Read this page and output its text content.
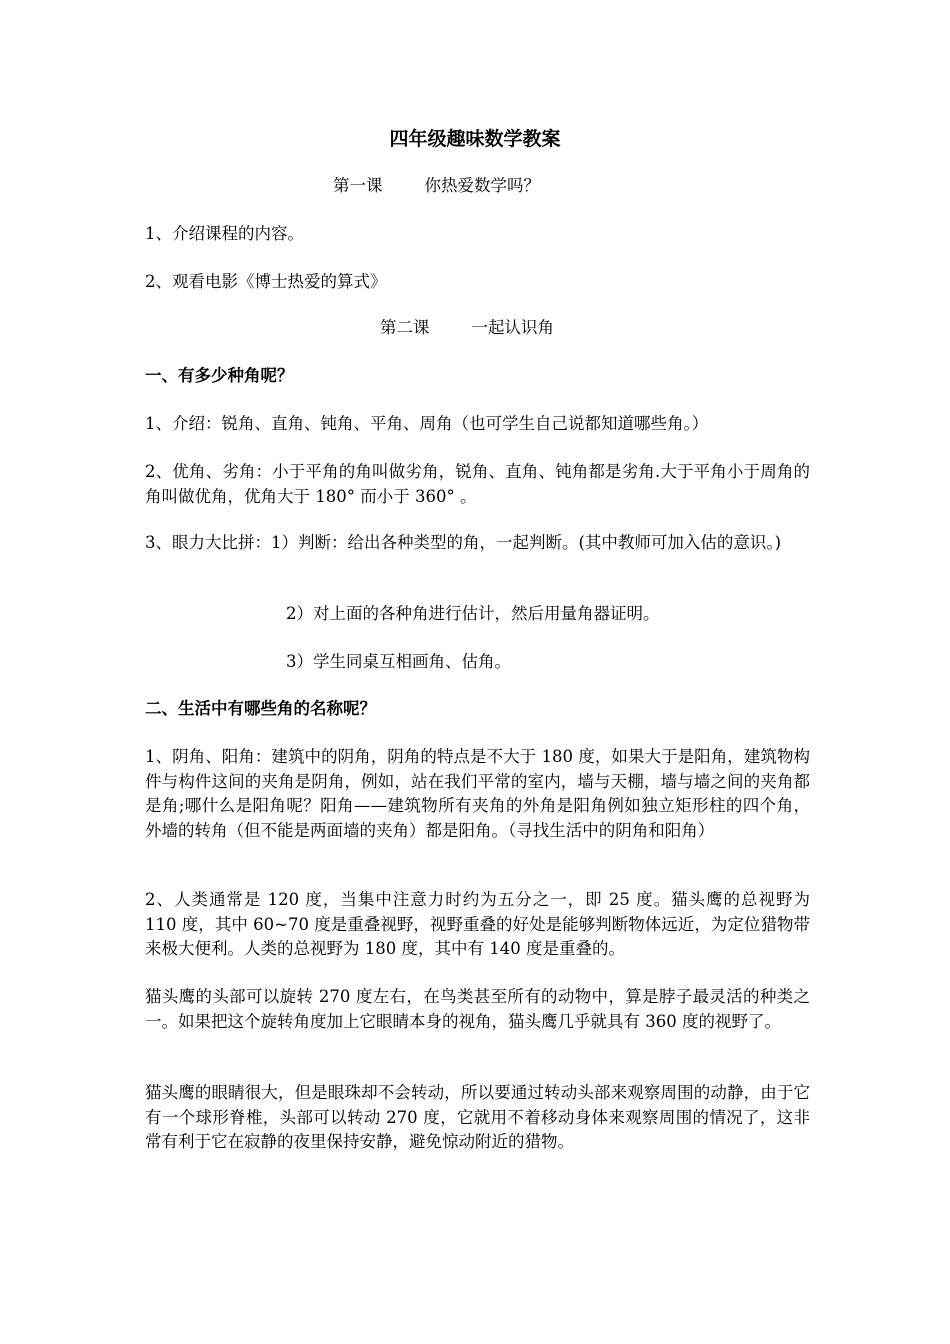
四年级趣味数学教案
第一课        你热爱数学吗？
1、介绍课程的内容。
2、观看电影《博士热爱的算式》
第二课        一起认识角
一、有多少种角呢？
1、介绍：锐角、直角、钝角、平角、周角（也可学生自己说都知道哪些角。）
2、优角、劣角：小于平角的角叫做劣角，锐角、直角、钝角都是劣角.大于平角小于周角的角叫做优角，优角大于 180° 而小于 360° 。
3、眼力大比拼：1）判断：给出各种类型的角，一起判断。(其中教师可加入估的意识。)
2）对上面的各种角进行估计，然后用量角器证明。
3）学生同桌互相画角、估角。
二、生活中有哪些角的名称呢？
1、阴角、阳角：建筑中的阴角，阴角的特点是不大于 180 度，如果大于是阳角，建筑物构件与构件这间的夹角是阴角，例如，站在我们平常的室内，墙与天棚，墙与墙之间的夹角都是角;哪什么是阳角呢？阳角——建筑物所有夹角的外角是阳角例如独立矩形柱的四个角，外墙的转角（但不能是两面墙的夹角）都是阳角。（寻找生活中的阴角和阳角）
2、人类通常是 120 度，当集中注意力时约为五分之一，即 25 度。猫头鹰的总视野为 110 度，其中 60~70 度是重叠视野，视野重叠的好处是能够判断物体远近，为定位猎物带来极大便利。人类的总视野为 180 度，其中有 140 度是重叠的。
猫头鹰的头部可以旋转 270 度左右，在鸟类甚至所有的动物中，算是脖子最灵活的种类之一。如果把这个旋转角度加上它眼睛本身的视角，猫头鹰几乎就具有 360 度的视野了。
猫头鹰的眼睛很大，但是眼珠却不会转动，所以要通过转动头部来观察周围的动静，由于它有一个球形脊椎，头部可以转动 270 度，它就用不着移动身体来观察周围的情况了，这非常有利于它在寂静的夜里保持安静，避免惊动附近的猎物。
